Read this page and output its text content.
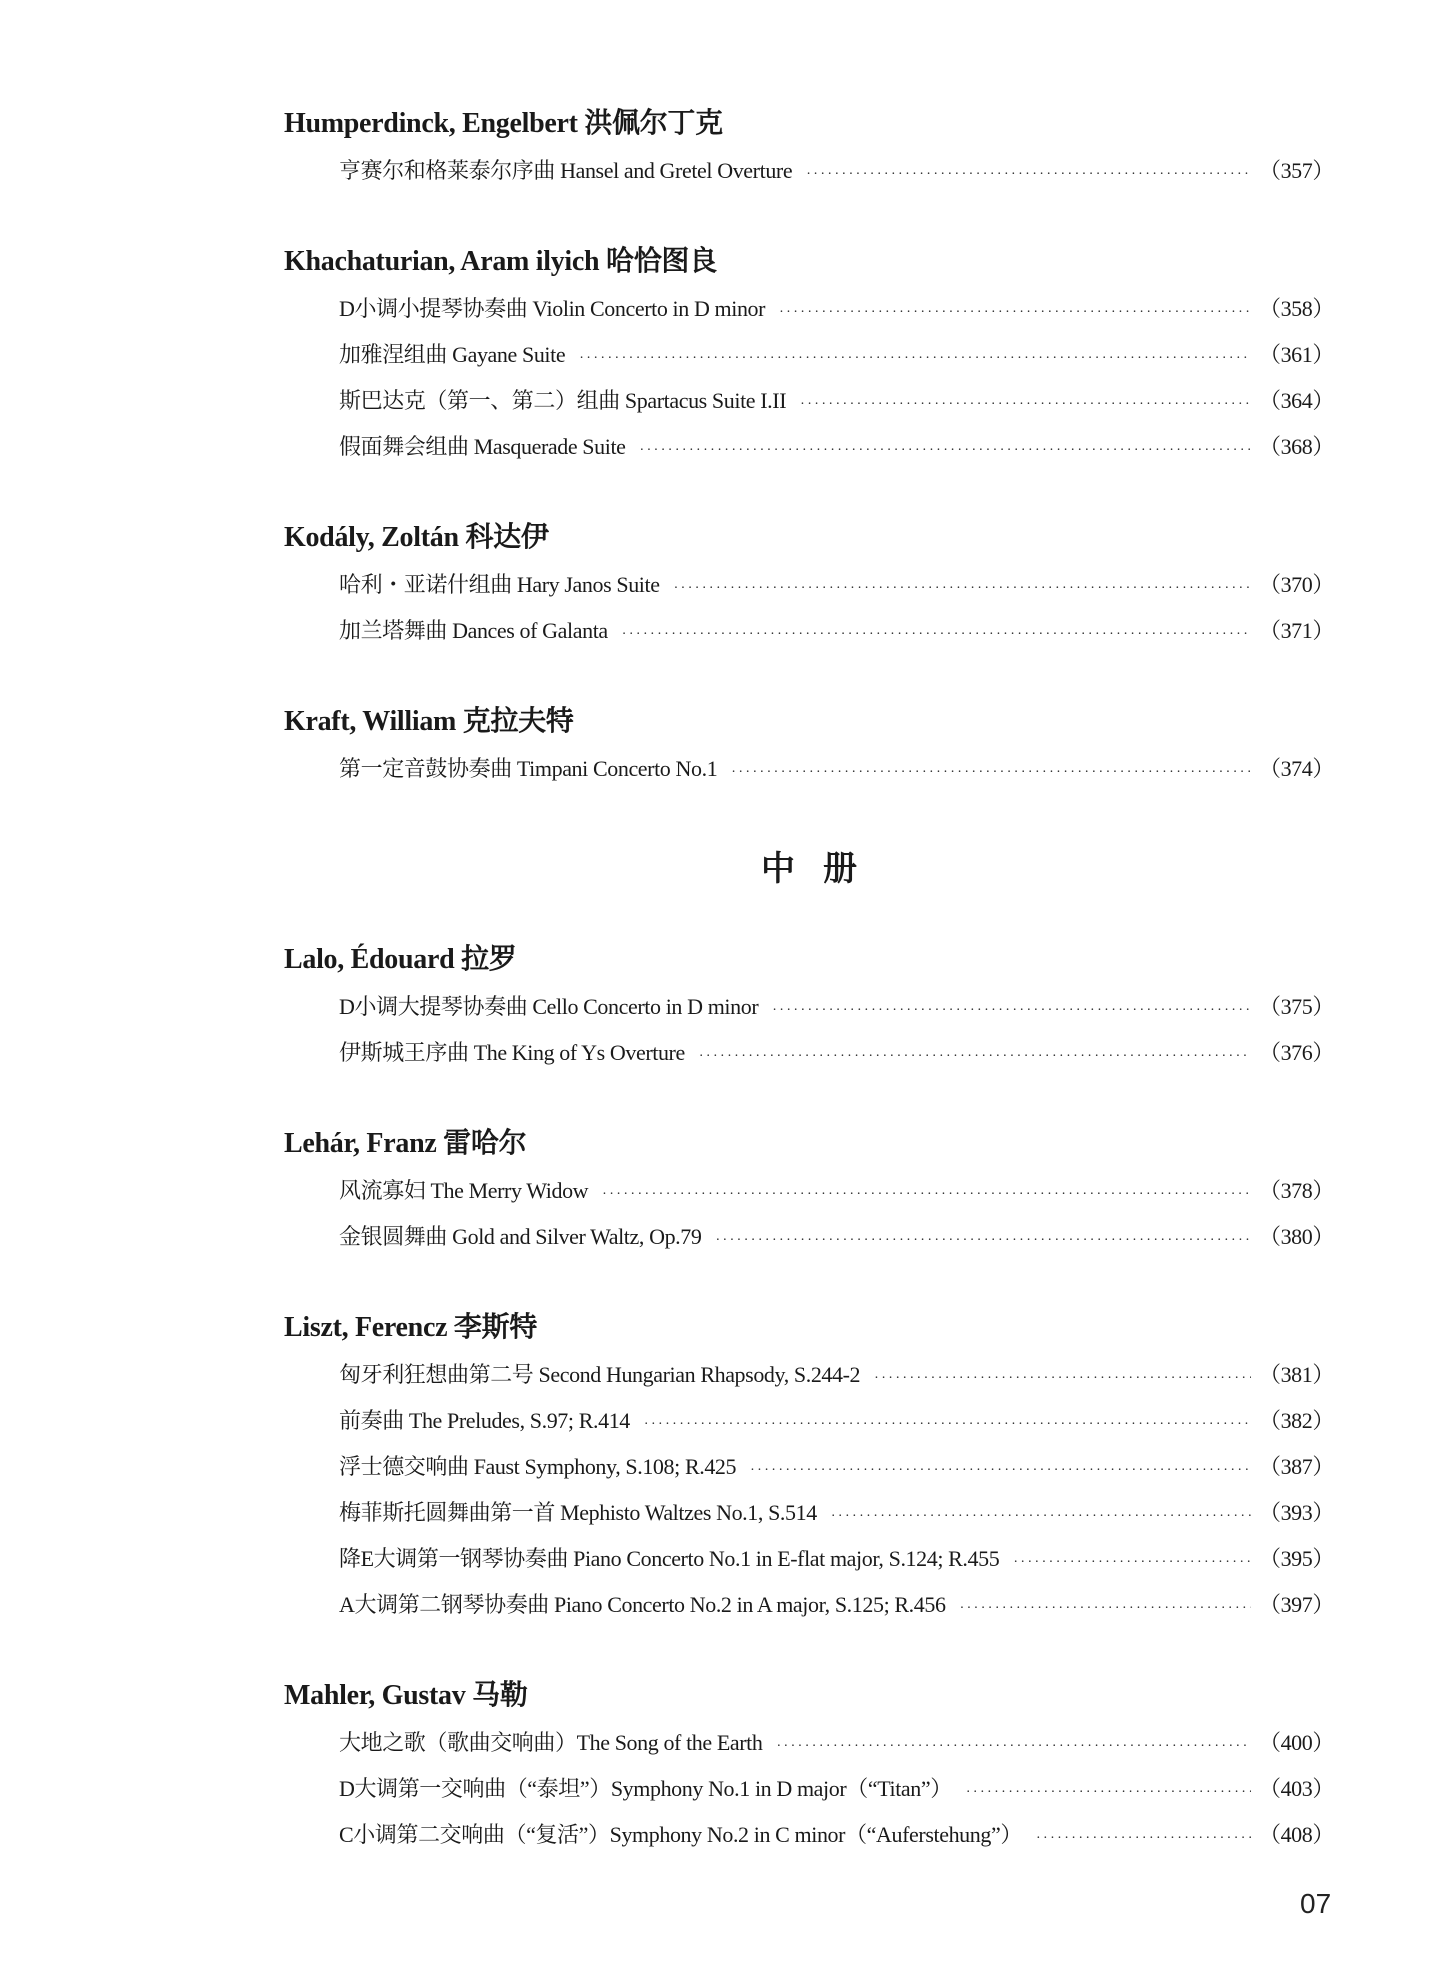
Humperdinck, Engelbert 洪佩尔丁克
亨赛尔和格莱泰尔序曲 Hansel and Gretel Overture ·····	（357）
Khachaturian, Aram ilyich 哈恰图良
D小调小提琴协奏曲 Violin Concerto in D minor ·····	（358）
加雅涅组曲 Gayane Suite ·····	（361）
斯巴达克（第一、第二）组曲 Spartacus Suite I.II ·····	（364）
假面舞会组曲 Masquerade Suite ·····	（368）
Kodály, Zoltán 科达伊
哈利・亚诺什组曲 Hary Janos Suite ·····	（370）
加兰塔舞曲 Dances of Galanta ·····	（371）
Kraft, William 克拉夫特
第一定音鼓协奏曲 Timpani Concerto No.1 ·····	（374）
中册
Lalo, Édouard 拉罗
D小调大提琴协奏曲 Cello Concerto in D minor ·····	（375）
伊斯城王序曲 The King of Ys Overture ·····	（376）
Lehár, Franz 雷哈尔
风流寡妇 The Merry Widow ·····	（378）
金银圆舞曲 Gold and Silver Waltz, Op.79 ·····	（380）
Liszt, Ferencz 李斯特
匈牙利狂想曲第二号 Second Hungarian Rhapsody, S.244-2 ·····	（381）
前奏曲 The Preludes, S.97; R.414 ·····	（382）
浮士德交响曲 Faust Symphony, S.108; R.425 ·····	（387）
梅菲斯托圆舞曲第一首 Mephisto Waltzes No.1, S.514 ·····	（393）
降E大调第一钢琴协奏曲 Piano Concerto No.1 in E-flat major, S.124; R.455 ·····	（395）
A大调第二钢琴协奏曲 Piano Concerto No.2 in A major, S.125; R.456 ·····	（397）
Mahler, Gustav 马勒
大地之歌（歌曲交响曲）The Song of the Earth ·····	（400）
D大调第一交响曲（“泰坦”）Symphony No.1 in D major（“Titan”） ·····	（403）
C小调第二交响曲（“复活”）Symphony No.2 in C minor（“Auferstehung”） ·····	（408）
07
